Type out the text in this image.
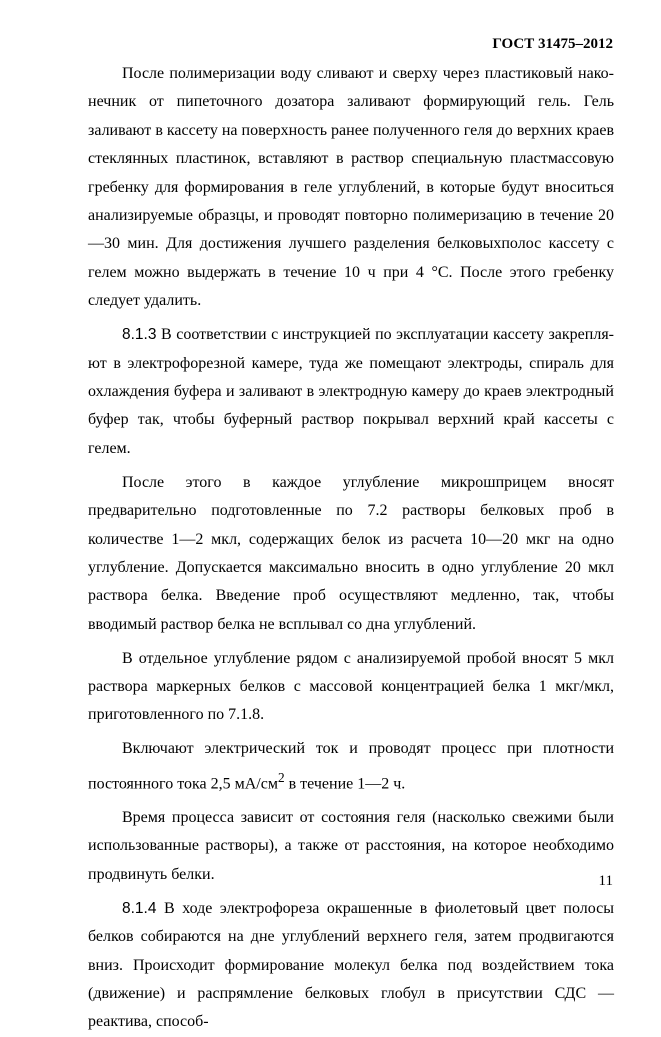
ГОСТ 31475–2012

После полимеризации воду сливают и сверху через пластиковый наконечник от пипеточного дозатора заливают формирующий гель. Гель заливают в кассету на поверхность ранее полученного геля до верхних краев стеклянных пластинок, вставляют в раствор специальную пластмассовую гребенку для формирования в геле углублений, в которые будут вноситься анализируемые образцы, и проводят повторно полимеризацию в течение 20—30 мин. Для достижения лучшего разделения белковыхполос кассету с гелем можно выдержать в течение 10 ч при 4 °С. После этого гребенку следует удалить.

8.1.3 В соответствии с инструкцией по эксплуатации кассету закрепляют в электрофорезной камере, туда же помещают электроды, спираль для охлаждения буфера и заливают в электродную камеру до краев электродный буфер так, чтобы буферный раствор покрывал верхний край кассеты с гелем.

После этого в каждое углубление микрошприцем вносят предварительно подготовленные по 7.2 растворы белковых проб в количестве 1—2 мкл, содержащих белок из расчета 10—20 мкг на одно углубление. Допускается максимально вносить в одно углубление 20 мкл раствора белка. Введение проб осуществляют медленно, так, чтобы вводимый раствор белка не всплывал со дна углублений.

В отдельное углубление рядом с анализируемой пробой вносят 5 мкл раствора маркерных белков с массовой концентрацией белка 1 мкг/мкл, приготовленного по 7.1.8.

Включают электрический ток и проводят процесс при плотности постоянного тока 2,5 $мА/см^2$ в течение 1—2 ч.

Время процесса зависит от состояния геля (насколько свежими были использованные растворы), а также от расстояния, на которое необходимо продвинуть белки.

8.1.4 В ходе электрофореза окрашенные в фиолетовый цвет полосы белков собираются на дне углублений верхнего геля, затем продвигаются вниз. Происходит формирование молекул белка под воздействием тока (движение) и распрямление белковых глобул в присутствии СДС — реактива, способ-

11
